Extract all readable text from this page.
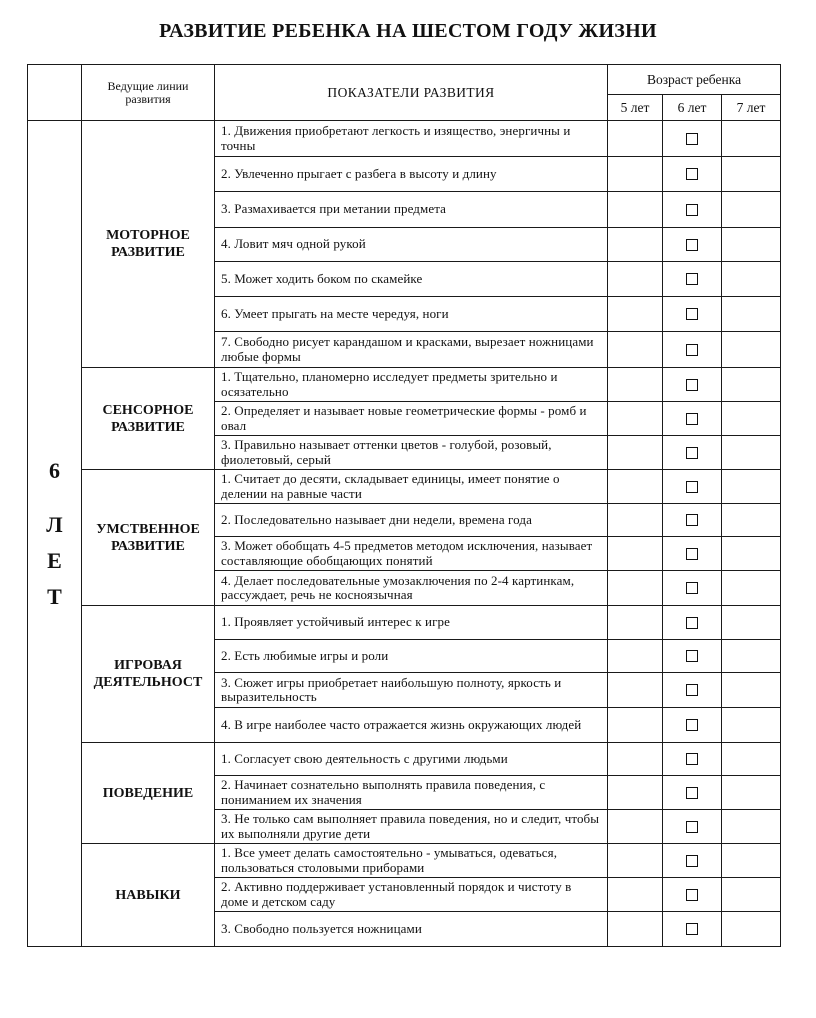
РАЗВИТИЕ РЕБЕНКА НА ШЕСТОМ ГОДУ ЖИЗНИ
	Ведущие линии развития	ПОКАЗАТЕЛИ РАЗВИТИЯ	Возраст ребенка		
			5 лет	6 лет	7 лет

6
Л
Е
Т	МОТОРНОЕ РАЗВИТИЕ	1. Движения приобретают легкость и изящество, энергичны и точны			
		2. Увлеченно прыгает с разбега в высоту и длину			
		3. Размахивается при метании предмета			
		4. Ловит мяч одной рукой			
		5. Может ходить боком по скамейке			
		6. Умеет прыгать на месте чередуя, ноги			
		7. Свободно рисует карандашом и красками, вырезает ножницами любые формы			
	СЕНСОРНОЕ РАЗВИТИЕ	1. Тщательно, планомерно исследует предметы зрительно и осязательно			
		2. Определяет и называет новые геометрические формы - ромб и овал			
		3. Правильно называет оттенки цветов - голубой, розовый, фиолетовый, серый			
	УМСТВЕННОЕ РАЗВИТИЕ	1. Считает до десяти, складывает единицы, имеет понятие о делении на равные части			
		2. Последовательно называет дни недели, времена года			
		3. Может обобщать 4-5 предметов методом исключения, называет составляющие обобщающих понятий			
		4. Делает последовательные умозаключения по 2-4 картинкам, рассуждает, речь не косноязычная			
	ИГРОВАЯ ДЕЯТЕЛЬНОСТ	1. Проявляет устойчивый интерес к игре			
		2. Есть любимые игры и роли			
		3. Сюжет игры приобретает наибольшую полноту, яркость и выразительность			
		4. В игре наиболее часто отражается жизнь окружающих людей			
	ПОВЕДЕНИЕ	1. Согласует свою деятельность с другими людьми			
		2. Начинает сознательно выполнять правила поведения, с пониманием их значения			
		3. Не только сам выполняет правила поведения, но и следит, чтобы их выполняли другие дети			
	НАВЫКИ	1. Все умеет делать самостоятельно - умываться, одеваться, пользоваться столовыми приборами			
		2. Активно поддерживает установленный порядок и чистоту в доме и детском саду			
		3. Свободно пользуется ножницами			
